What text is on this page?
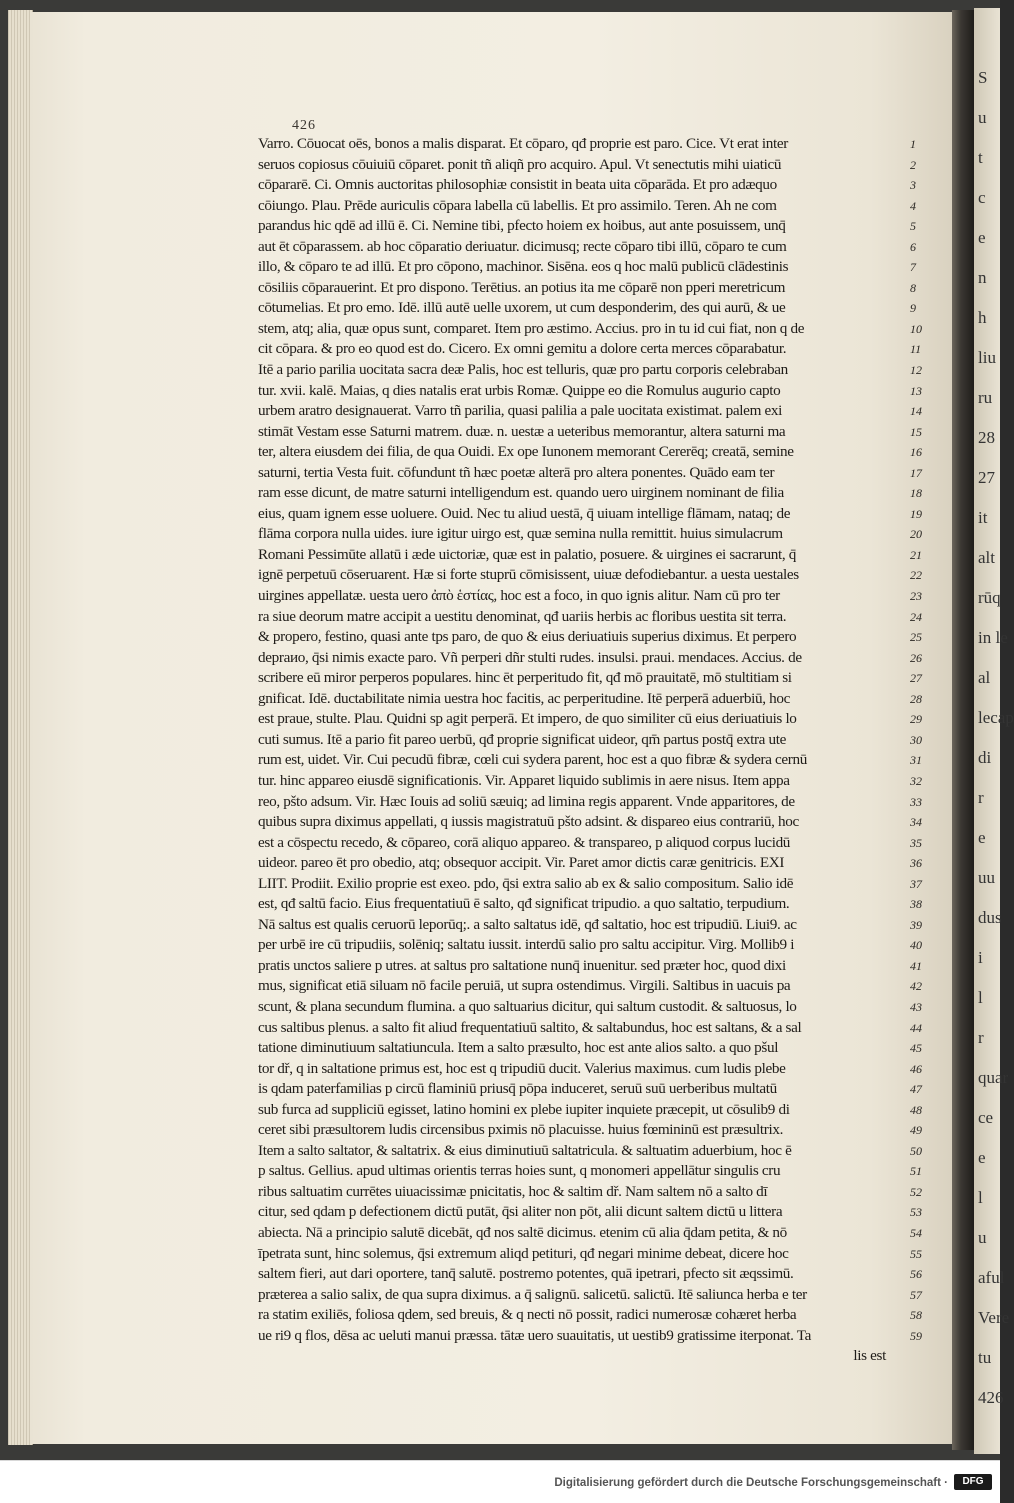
S
u
t
c
e
n
h
liu
ru
28
27
it
alt
rūq
in le
al
lecap
di
r
e
uu
dus
i
l
r
quar
ce
e
l
u
aful
Vere
tu
426
426
Varro. Cōuocat oēs, bonos a malis disparat. Et cōparo, qđ proprie est paro. Cice. Vt erat inter
seruos copiosus cōuiuiū cōparet. ponit tñ aliqñ pro acquiro. Apul. Vt senectutis mihi uiaticū
cōpararē. Ci. Omnis auctoritas philosophiæ consistit in beata uita cōparāda. Et pro adæquo
cōiungo. Plau. Prēde auriculis cōpara labella cū labellis. Et pro assimilo. Teren. Ah ne com
parandus hic qdē ad illū ē. Ci. Nemine tibi, pfecto hoiem ex hoibus, aut ante posuissem, unq̄
aut ēt cōparassem. ab hoc cōparatio deriuatur. dicimusq; recte cōparo tibi illū, cōparo te cum
illo, & cōparo te ad illū. Et pro cōpono, machinor. Sisēna. eos q hoc malū publicū clādestinis
cōsiliis cōparauerint. Et pro dispono. Terētius. an potius ita me cōparē non pperi meretricum
cōtumelias. Et pro emo. Idē. illū autē uelle uxorem, ut cum desponderim, des qui aurū, & ue
stem, atq; alia, quæ opus sunt, comparet. Item pro æstimo. Accius. pro in tu id cui fiat, non q de
cit cōpara. & pro eo quod est do. Cicero. Ex omni gemitu a dolore certa merces cōparabatur.
Itē a pario parilia uocitata sacra deæ Palis, hoc est telluris, quæ pro partu corporis celebraban
tur. xvii. kalē. Maias, q dies natalis erat urbis Romæ. Quippe eo die Romulus augurio capto
urbem aratro designauerat. Varro tñ parilia, quasi palilia a pale uocitata existimat. palem exi
stimāt Vestam esse Saturni matrem. duæ. n. uestæ a ueteribus memorantur, altera saturni ma
ter, altera eiusdem dei filia, de qua Ouidi. Ex ope Iunonem memorant Cererēq; creatā, semine
saturni, tertia Vesta fuit. cōfundunt tñ hæc poetæ alterā pro altera ponentes. Quādo eam ter
ram esse dicunt, de matre saturni intelligendum est. quando uero uirginem nominant de filia
eius, quam ignem esse uoluere. Ouid. Nec tu aliud uestā, q̄ uiuam intellige flāmam, nataq; de
flāma corpora nulla uides. iure igitur uirgo est, quæ semina nulla remittit. huius simulacrum
Romani Pessimūte allatū i æde uictoriæ, quæ est in palatio, posuere. & uirgines ei sacrarunt, q̄
ignē perpetuū cōseruarent. Hæ si forte stuprū cōmisissent, uiuæ defodiebantur. a uesta uestales
uirgines appellatæ. uesta uero ἀπὸ ἑστίας, hoc est a foco, in quo ignis alitur. Nam cū pro ter
ra siue deorum matre accipit a uestitu denominat, qđ uariis herbis ac floribus uestita sit terra.
& propero, festino, quasi ante tps paro, de quo & eius deriuatiuis superius diximus. Et perpero
depraио, q̄si nimis exacte paro. Vñ perperi dñr stulti rudes. insulsi. praui. mendaces. Accius. de
scribere eū miror perperos populares. hinc ēt perperitudo fit, qđ mō prauitatē, mō stultitiam si
gnificat. Idē. ductabilitate nimia uestra hoc facitis, ac perperitudine. Itē perperā aduerbiū, hoc
est praue, stulte. Plau. Quidni sp agit perperā. Et impero, de quo similiter cū eius deriuatiuis lo
cuti sumus. Itē a pario fit pareo uerbū, qđ proprie significat uideor, qm̄ partus postq̄ extra ute
rum est, uidet. Vir. Cui pecudū fibræ, cœli cui sydera parent, hoc est a quo fibræ & sydera cernū
tur. hinc appareo eiusdē significationis. Vir. Apparet liquido sublimis in aere nisus. Item appa
reo, pšto adsum. Vir. Hæc Iouis ad soliū sæuiq; ad limina regis apparent. Vnde apparitores, de
quibus supra diximus appellati, q iussis magistratuū pšto adsint. & dispareo eius contrariū, hoc
est a cōspectu recedo, & cōpareo, corā aliquo appareo. & transpareo, p aliquod corpus lucidū
uideor. pareo ēt pro obedio, atq; obsequor accipit. Vir. Paret amor dictis caræ genitricis. EXI
LIIT. Prodiit. Exilio proprie est exeo. pdo, q̄si extra salio ab ex & salio compositum. Salio idē
est, qđ saltū facio. Eius frequentatiuū ē salto, qđ significat tripudio. a quo saltatio, terpudium.
Nā saltus est qualis ceruorū leporūq;. a salto saltatus idē, qđ saltatio, hoc est tripudiū. Liui9. ac
per urbē ire cū tripudiis, solēniq; saltatu iussit. interdū salio pro saltu accipitur. Virg. Mollib9 i
pratis unctos saliere p utres. at saltus pro saltatione nunq̄ inuenitur. sed præter hoc, quod dixi
mus, significat etiā siluam nō facile peruiā, ut supra ostendimus. Virgili. Saltibus in uacuis pa
scunt, & plana secundum flumina. a quo saltuarius dicitur, qui saltum custodit. & saltuosus, lo
cus saltibus plenus. a salto fit aliud frequentatiuū saltito, & saltabundus, hoc est saltans, & a sal
tatione diminutiuum saltatiuncula. Item a salto præsulto, hoc est ante alios salto. a quo pšul
tor dř, q in saltatione primus est, hoc est q tripudiū ducit. Valerius maximus. cum ludis plebe
is qdam paterfamilias p circū flaminiū priusq̄ pōpa induceret, seruū suū uerberibus multatū
sub furca ad suppliciū egisset, latino homini ex plebe iupiter inquiete præcepit, ut cōsulib9 di
ceret sibi præsultorem ludis circensibus pximis nō placuisse. huius fœmininū est præsultrix.
Item a salto saltator, & saltatrix. & eius diminutiuū saltatricula. & saltuatim aduerbium, hoc ē
p saltus. Gellius. apud ultimas orientis terras hoies sunt, q monomeri appellātur singulis cru
ribus saltuatim currētes uiuacissimæ pnicitatis, hoc & saltim dř. Nam saltem nō a salto dī
citur, sed qdam p defectionem dictū putāt, q̄si aliter non pōt, alii dicunt saltem dictū u littera
abiecta. Nā a principio salutē dicebāt, qđ nos saltē dicimus. etenim cū alia q̄dam petita, & nō
īpetrata sunt, hinc solemus, q̄si extremum aliqd petituri, qđ negari minime debeat, dicere hoc
saltem fieri, aut dari oportere, tanq̄ salutē. postremo potentes, quā ipetrari, pfecto sit æqssimū.
præterea a salio salix, de qua supra diximus. a q̄ salignū. salicetū. salictū. Itē saliunca herba e ter
ra statim exiliēs, foliosa qdem, sed breuis, & q necti nō possit, radici numerosæ cohæret herba
ue ri9 q flos, dēsa ac ueluti manui præssa. tātæ uero suauitatis, ut uestib9 gratissime iterponat. Ta
lis est
1
2
3
4
5
6
7
8
9
10
11
12
13
14
15
16
17
18
19
20
21
22
23
24
25
26
27
28
29
30
31
32
33
34
35
36
37
38
39
40
41
42
43
44
45
46
47
48
49
50
51
52
53
54
55
56
57
58
59
Digitalisierung gefördert durch die Deutsche Forschungsgemeinschaft ·	DFG
